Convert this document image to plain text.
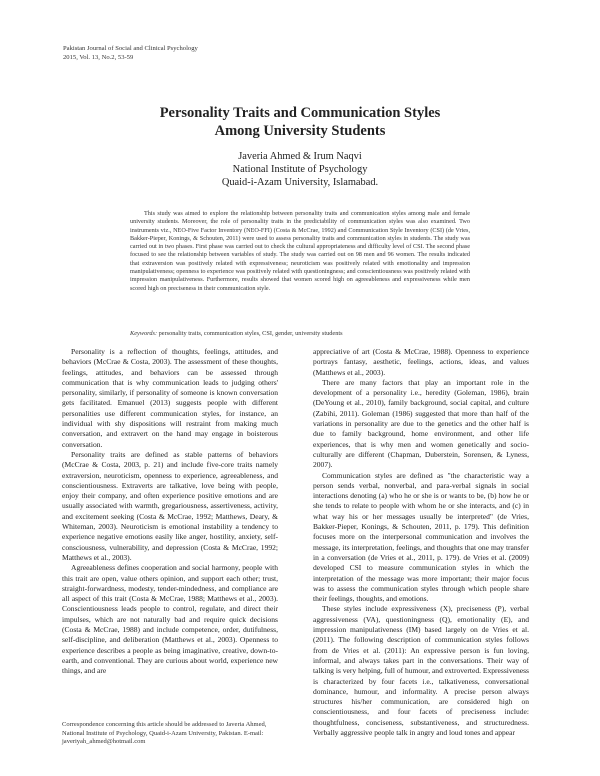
Pakistan Journal of Social and Clinical Psychology
2015, Vol. 13, No.2, 53-59
Personality Traits and Communication Styles
Among University Students
Javeria Ahmed & Irum Naqvi
National Institute of Psychology
Quaid-i-Azam University, Islamabad.

This study was aimed to explore the relationship between personality traits and communication styles among male and female university students. Moreover, the role of personality traits in the predictability of communication styles was also examined. Two instruments viz., NEO-Five Factor Inventory (NEO-FFI) (Costa & McCrae, 1992) and Communication Style Inventory (CSI) (de Vries, Bakker-Pieper, Konings, & Schouten, 2011) were used to assess personality traits and communication styles in students. The study was carried out in two phases. First phase was carried out to check the cultural appropriateness and difficulty level of CSI. The second phase focused to see the relationship between variables of study. The study was carried out on 98 men and 96 women. The results indicated that extraversion was positively related with expressiveness; neuroticism was positively related with emotionality and impression manipulativeness; openness to experience was positively related with questioningness; and conscientiousness was positively related with impression manipulativeness. Furthermore, results showed that women scored high on agreeableness and expressiveness while men scored high on preciseness in their communication style.

Keywords: personality traits, communication styles, CSI, gender, university students

Personality is a reflection of thoughts, feelings, attitudes, and behaviors (McCrae & Costa, 2003). The assessment of these thoughts, feelings, attitudes, and behaviors can be assessed through communication that is why communication leads to judging others' personality, similarly, if personality of someone is known conversation gets facilitated. Emanuel (2013) suggests people with different personalities use different communication styles, for instance, an individual with shy dispositions will restraint from making much conversation, and extravert on the hand may engage in boisterous conversation.

Personality traits are defined as stable patterns of behaviors (McCrae & Costa, 2003, p. 21) and include five-core traits namely extraversion, neuroticism, openness to experience, agreeableness, and conscientiousness. Extraverts are talkative, love being with people, enjoy their company, and often experience positive emotions and are usually associated with warmth, gregariousness, assertiveness, activity, and excitement seeking (Costa & McCrae, 1992; Matthews, Deary, & Whiteman, 2003). Neuroticism is emotional instability a tendency to experience negative emotions easily like anger, hostility, anxiety, self-consciousness, vulnerability, and depression (Costa & McCrae, 1992; Matthews et al., 2003).

Agreeableness defines cooperation and social harmony, people with this trait are open, value others opinion, and support each other; trust, straight-forwardness, modesty, tender-mindedness, and compliance are all aspect of this trait (Costa & McCrae, 1988; Matthews et al., 2003). Conscientiousness leads people to control, regulate, and direct their impulses, which are not naturally bad and require quick decisions (Costa & McCrae, 1988) and include competence, order, dutifulness, self-discipline, and deliberation (Matthews et al., 2003). Openness to experience describes a people as being imaginative, creative, down-to-earth, and conventional. They are curious about world, experience new things, and are

appreciative of art (Costa & McCrae, 1988). Openness to experience portrays fantasy, aesthetic, feelings, actions, ideas, and values (Matthews et al., 2003).

There are many factors that play an important role in the development of a personality i.e., heredity (Goleman, 1986), brain (DeYoung et al., 2010), family background, social capital, and culture (Zabihi, 2011). Goleman (1986) suggested that more than half of the variations in personality are due to the genetics and the other half is due to family background, home environment, and other life experiences, that is why men and women genetically and socio-culturally are different (Chapman, Duberstein, Sorensen, & Lyness, 2007).

Communication styles are defined as "the characteristic way a person sends verbal, nonverbal, and para-verbal signals in social interactions denoting (a) who he or she is or wants to be, (b) how he or she tends to relate to people with whom he or she interacts, and (c) in what way his or her messages usually be interpreted" (de Vries, Bakker-Pieper, Konings, & Schouten, 2011, p. 179). This definition focuses more on the interpersonal communication and involves the message, its interpretation, feelings, and thoughts that one may transfer in a conversation (de Vries et al., 2011, p. 179). de Vries et al. (2009) developed CSI to measure communication styles in which the interpretation of the message was more important; their major focus was to assess the communication styles through which people share their feelings, thoughts, and emotions.

These styles include expressiveness (X), preciseness (P), verbal aggressiveness (VA), questioningness (Q), emotionality (E), and impression manipulativeness (IM) based largely on de Vries et al. (2011). The following description of communication styles follows from de Vries et al. (2011): An expressive person is fun loving, informal, and always takes part in the conversations. Their way of talking is very helping, full of humour, and extroverted. Expressiveness is characterized by four facets i.e., talkativeness, conversational dominance, humour, and informality. A precise person always structures his/her communication, are considered high on conscientiousness, and four facets of preciseness include: thoughtfulness, conciseness, substantiveness, and structuredness. Verbally aggressive people talk in angry and loud tones and appear

Correspondence concerning this article should be addressed to Javeria Ahmed, National Institute of Psychology, Quaid-i-Azam University, Pakistan. E-mail: javeriyah_ahmed@hotmail.com
